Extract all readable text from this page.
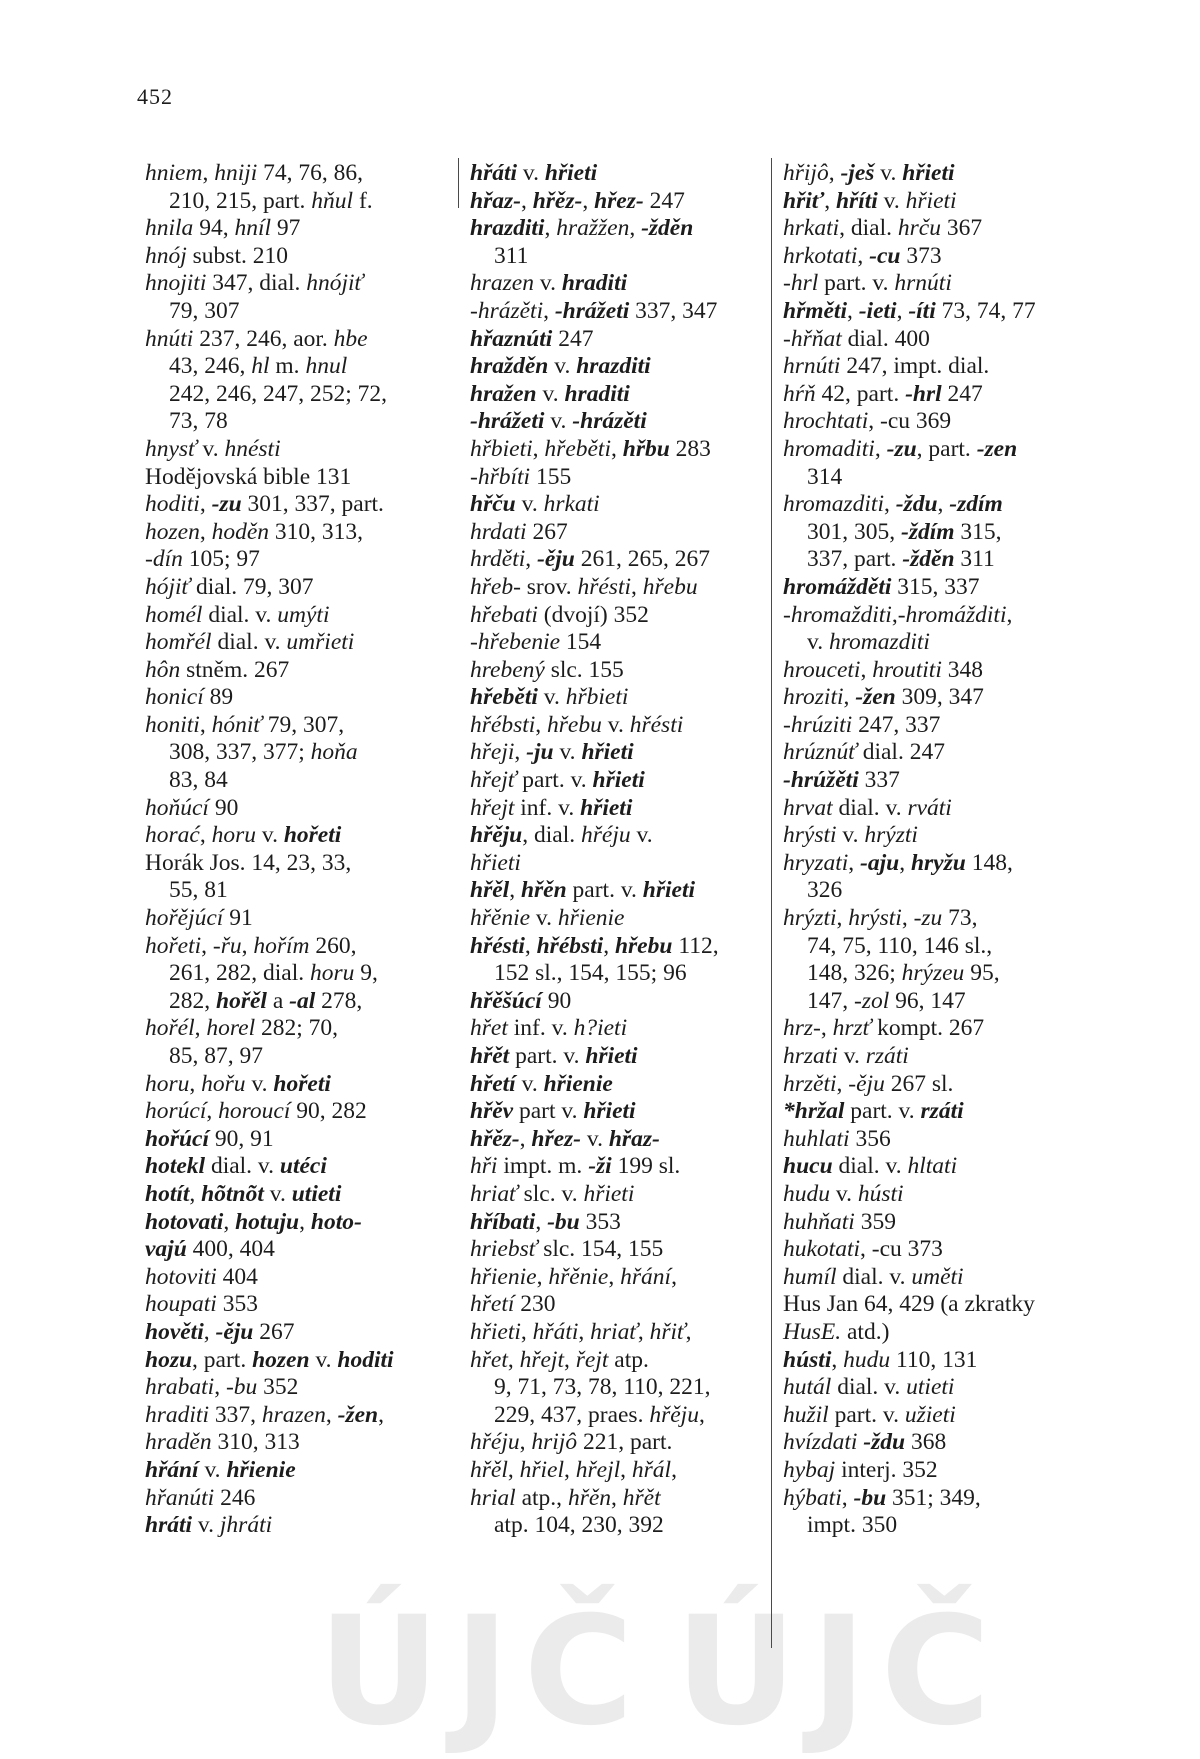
452
ÚJČ ÚJČ
hniem, hniji 74, 76, 86,
210, 215, part. hňul f.
hnila 94, hníl 97
hnój subst. 210
hnojiti 347, dial. hnójiť
79, 307
hnúti 237, 246, aor. hbe
43, 246, hl m. hnul
242, 246, 247, 252; 72,
73, 78
hnysť v. hnésti
Hodějovská bible 131
hoditi, -zu 301, 337, part.
hozen, hoděn 310, 313,
-dín 105; 97
hójiť dial. 79, 307
homél dial. v. umýti
homřél dial. v. umřieti
hôn stněm. 267
honicí 89
honiti, hóniť 79, 307,
308, 337, 377; hoňa
83, 84
hoňúcí 90
horać, horu v. hořeti
Horák Jos. 14, 23, 33,
55, 81
hořějúcí 91
hořeti, -řu, hořím 260,
261, 282, dial. horu 9,
282, hořěl a -al 278,
hořél, horel 282; 70,
85, 87, 97
horu, hořu v. hořeti
horúcí, horoucí 90, 282
hořúcí 90, 91
hotekl dial. v. utéci
hotít, hõtnõt v. utieti
hotovati, hotuju, hoto-
vajú 400, 404
hotoviti 404
houpati 353
hověti, -ěju 267
hozu, part. hozen v. hoditi
hrabati, -bu 352
hraditi 337, hrazen, -žen,
hraděn 310, 313
hřání v. hřienie
hřanúti 246
hráti v. jhráti
hřáti v. hřieti
hřaz-, hřěz-, hřez- 247
hrazditi, hražžen, -žděn
311
hrazen v. hraditi
-hrázěti, -hrážeti 337, 347
hřaznúti 247
hražděn v. hrazditi
hražen v. hraditi
-hrážeti v. -hrázěti
hřbieti, hřeběti, hřbu 283
-hřbíti 155
hřču v. hrkati
hrdati 267
hrděti, -ěju 261, 265, 267
hřeb- srov. hřésti, hřebu
hřebati (dvojí) 352
-hřebenie 154
hrebený slc. 155
hřeběti v. hřbieti
hřébsti, hřebu v. hřésti
hřeji, -ju v. hřieti
hřejť part. v. hřieti
hřejt inf. v. hřieti
hřěju, dial. hřéju v.
hřieti
hřěl, hřěn part. v. hřieti
hřěnie v. hřienie
hřésti, hřébsti, hřebu 112,
152 sl., 154, 155; 96
hřěšúcí 90
hřet inf. v. h?ieti
hřět part. v. hřieti
hřetí v. hřienie
hřěv part v. hřieti
hřěz-, hřez- v. hřaz-
hři impt. m. -ži 199 sl.
hriať slc. v. hřieti
hříbati, -bu 353
hriebsť slc. 154, 155
hřienie, hřěnie, hřání,
hřetí 230
hřieti, hřáti, hriať, hřiť,
hřet, hřejt, řejt atp.
9, 71, 73, 78, 110, 221,
229, 437, praes. hřěju,
hřéju, hrijô 221, part.
hřěl, hřiel, hřejl, hřál,
hrial atp., hřěn, hřět
atp. 104, 230, 392
hřijô, -ješ v. hřieti
hřiť, hříti v. hřieti
hrkati, dial. hrču 367
hrkotati, -cu 373
-hrl part. v. hrnúti
hřměti, -ieti, -íti 73, 74, 77
-hřňat dial. 400
hrnúti 247, impt. dial.
hŕň 42, part. -hrl 247
hrochtati, -cu 369
hromaditi, -zu, part. -zen
314
hromazditi, -ždu, -zdím
301, 305, -ždím 315,
337, part. -žděn 311
hromážděti 315, 337
-hromažditi,-hromážditi,
v. hromazditi
hrouceti, hroutiti 348
hroziti, -žen 309, 347
-hrúziti 247, 337
hrúznúť dial. 247
-hrúžěti 337
hrvat dial. v. rváti
hrýsti v. hrýzti
hryzati, -aju, hryžu 148,
326
hrýzti, hrýsti, -zu 73,
74, 75, 110, 146 sl.,
148, 326; hrýzeu 95,
147, -zol 96, 147
hrz-, hrzť kompt. 267
hrzati v. rzáti
hrzěti, -ěju 267 sl.
*hržal part. v. rzáti
huhlati 356
hucu dial. v. hltati
hudu v. hústi
huhňati 359
hukotati, -cu 373
humíl dial. v. uměti
Hus Jan 64, 429 (a zkratky
HusE. atd.)
hústi, hudu 110, 131
hutál dial. v. utieti
hužil part. v. užieti
hvízdati -ždu 368
hybaj interj. 352
hýbati, -bu 351; 349,
impt. 350
